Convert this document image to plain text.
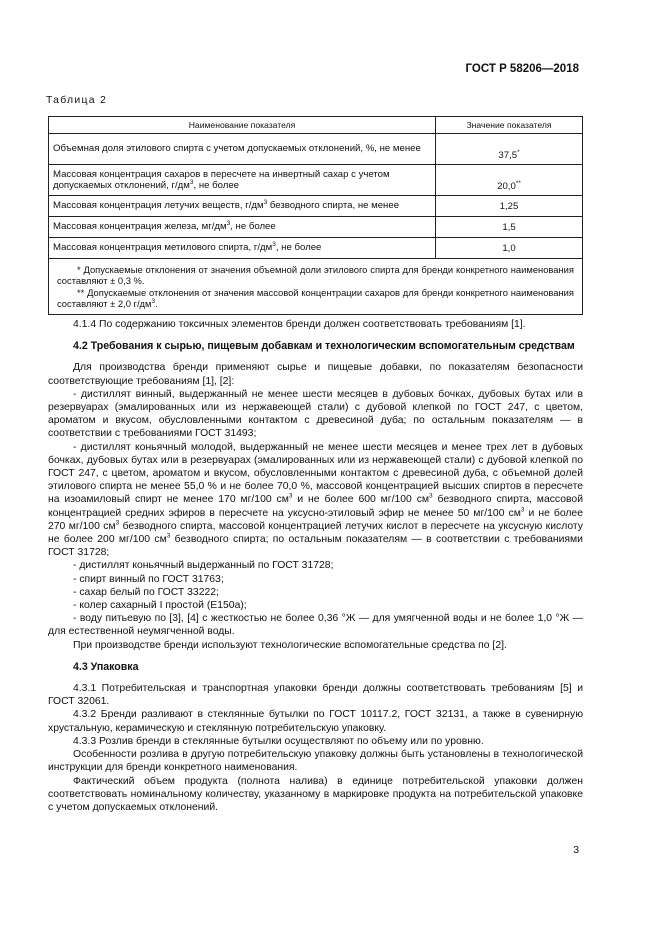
ГОСТ Р 58206—2018
Таблица 2
Наименование показателя	Значение показателя
Объемная доля этилового спирта с учетом допускаемых отклонений, %, не менее	37,5*
Массовая концентрация сахаров в пересчете на инвертный сахар с учетом допускаемых отклонений, $г/дм^3$, не более	20,0**
Массовая концентрация летучих веществ, $г/дм^3$ безводного спирта, не менее	1,25
Массовая концентрация железа, $мг/дм^3$, не более	1,5
Массовая концентрация метилового спирта, $г/дм^3$, не более	1,0

* Допускаемые отклонения от значения объемной доли этилового спирта для бренди конкретного наименования составляют ± 0,3 %.
** Допускаемые отклонения от значения массовой концентрации сахаров для бренди конкретного наименования составляют ± 2,0 $г/дм^3$.	

4.1.4 По содержанию токсичных элементов бренди должен соответствовать требованиям [1].

4.2 Требования к сырью, пищевым добавкам и технологическим вспомогательным средствам

Для производства бренди применяют сырье и пищевые добавки, по показателям безопасности соответствующие требованиям [1], [2]:

- дистиллят винный, выдержанный не менее шести месяцев в дубовых бочках, дубовых бутах или в резервуарах (эмалированных или из нержавеющей стали) с дубовой клепкой по ГОСТ 247, с цветом, ароматом и вкусом, обусловленными контактом с древесиной дуба; по остальным показателям — в соответствии с требованиями ГОСТ 31493;

- дистиллят коньячный молодой, выдержанный не менее шести месяцев и менее трех лет в дубовых бочках, дубовых бутах или в резервуарах (эмалированных или из нержавеющей стали) с дубовой клепкой по ГОСТ 247, с цветом, ароматом и вкусом, обусловленными контактом с древесиной дуба, с объемной долей этилового спирта не менее 55,0 % и не более 70,0 %, массовой концентрацией высших спиртов в пересчете на изоамиловый спирт не менее 170 мг/100 $см^3$ и не более 600 мг/100 $см^3$ безводного спирта, массовой концентрацией средних эфиров в пересчете на уксусно-этиловый эфир не менее 50 мг/100 $см^3$ и не более 270 мг/100 $см^3$ безводного спирта, массовой концентрацией летучих кислот в пересчете на уксусную кислоту не более 200 мг/100 $см^3$ безводного спирта; по остальным показателям — в соответствии с требованиями ГОСТ 31728;

- дистиллят коньячный выдержанный по ГОСТ 31728;

- спирт винный по ГОСТ 31763;

- сахар белый по ГОСТ 33222;

- колер сахарный I простой (Е150а);

- воду питьевую по [3], [4] с жесткостью не более 0,36 °Ж — для умягченной воды и не более 1,0 °Ж — для естественной неумягченной воды.

При производстве бренди используют технологические вспомогательные средства по [2].

4.3 Упаковка

4.3.1 Потребительская и транспортная упаковки бренди должны соответствовать требованиям [5] и ГОСТ 32061.

4.3.2 Бренди разливают в стеклянные бутылки по ГОСТ 10117.2, ГОСТ 32131, а также в сувенирную хрустальную, керамическую и стеклянную потребительскую упаковку.

4.3.3 Розлив бренди в стеклянные бутылки осуществляют по объему или по уровню.

Особенности розлива в другую потребительскую упаковку должны быть установлены в технологической инструкции для бренди конкретного наименования.

Фактический объем продукта (полнота налива) в единице потребительской упаковки должен соответствовать номинальному количеству, указанному в маркировке продукта на потребительской упаковке с учетом допускаемых отклонений.

3
